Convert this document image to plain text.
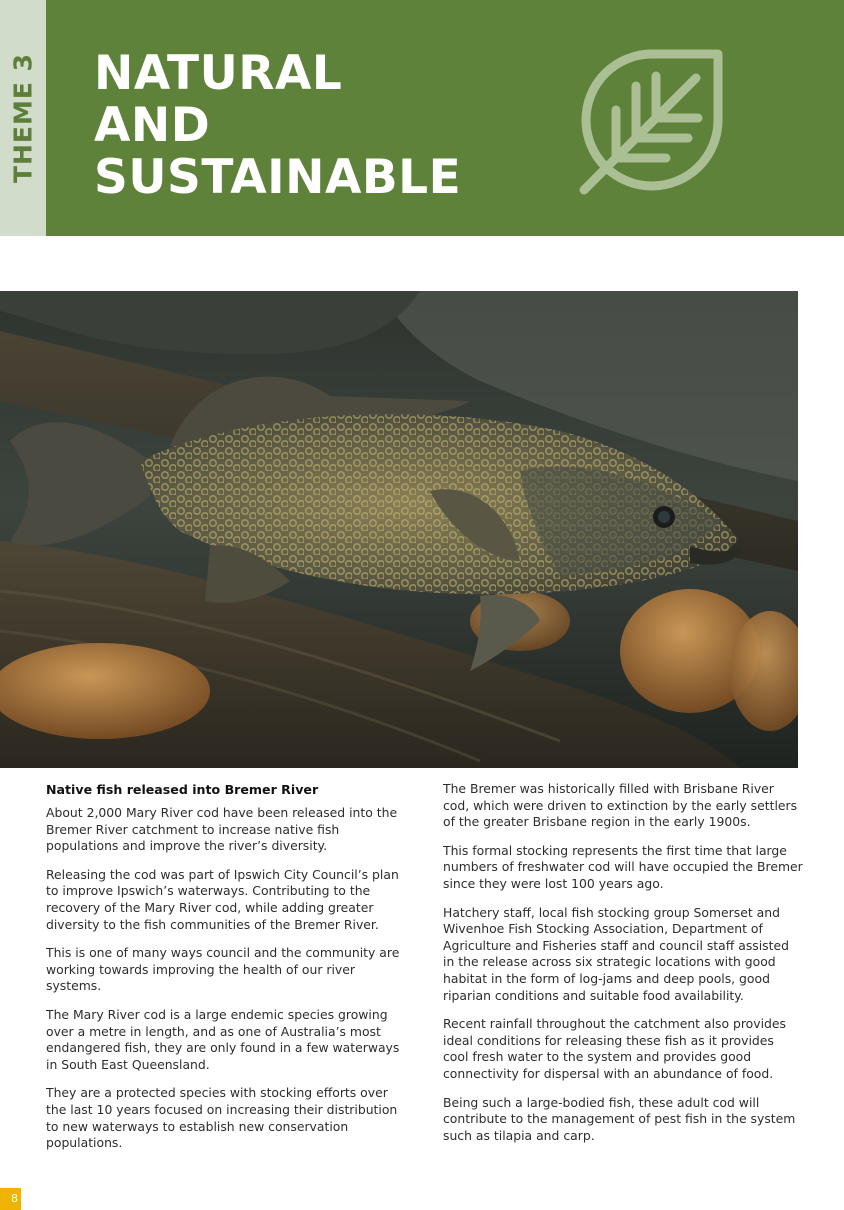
THEME 3 NATURAL
AND
SUSTAINABLE
Native fish released into Bremer River

About 2,000 Mary River cod have been released into the Bremer River catchment to increase native fish populations and improve the river’s diversity.

Releasing the cod was part of Ipswich City Council’s plan to improve Ipswich’s waterways. Contributing to the recovery of the Mary River cod, while adding greater diversity to the fish communities of the Bremer River.

This is one of many ways council and the community are working towards improving the health of our river systems.

The Mary River cod is a large endemic species growing over a metre in length, and as one of Australia’s most endangered fish, they are only found in a few waterways in South East Queensland.

They are a protected species with stocking efforts over the last 10 years focused on increasing their distribution to new waterways to establish new conservation populations.

The Bremer was historically filled with Brisbane River cod, which were driven to extinction by the early settlers of the greater Brisbane region in the early 1900s.

This formal stocking represents the first time that large numbers of freshwater cod will have occupied the Bremer since they were lost 100 years ago.

Hatchery staff, local fish stocking group Somerset and Wivenhoe Fish Stocking Association, Department of Agriculture and Fisheries staff and council staff assisted in the release across six strategic locations with good habitat in the form of log-jams and deep pools, good riparian conditions and suitable food availability.

Recent rainfall throughout the catchment also provides ideal conditions for releasing these fish as it provides cool fresh water to the system and provides good connectivity for dispersal with an abundance of food.

Being such a large-bodied fish, these adult cod will contribute to the management of pest fish in the system such as tilapia and carp.

8
